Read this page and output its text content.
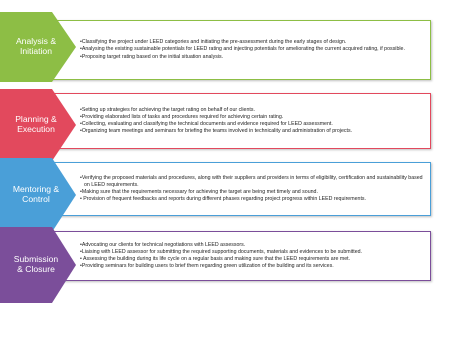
• Classifying the project under LEED categories and initiating the pre-assessment during the early stages of design.
• Analysing the existing sustainable potentials for LEED rating and injecting potentials for ameliorating the current acquired rating, if possible.
• Proposing target rating based on the initial situation analysis.
Analysis &
Initiation
• Setting up strategies for achieving the target rating on behalf of our clients.
• Providing elaborated lists of tasks and procedures required for achieving certain rating.
• Collecting, evaluating and classifying the technical documents and evidence required for LEED assessment.
• Organizing team meetings and seminars for briefing the teams involved in technicality and administration of projects.
Planning &
Execution
• Verifying the proposed materials and procedures, along with their suppliers and providers in terms of eligibility, certification and sustainability based on LEED requirements.
• Making sure that the requirements necessary for achieving the target are being met timely and sound.
• Provision of frequent feedbacks and reports during different phases regarding project progress within LEED requirements.
Mentoring &
Control
• Advocating our clients for technical negotiations with LEED assessors.
• Liaising with LEED assessor for submitting the required supporting documents, materials and evidences to be submitted.
• Assessing the building during its life cycle on a regular basis and making sure that the LEED requirements are met.
• Providing seminars for building users to brief them regarding green utilization of the building and its services.
Submission
& Closure
